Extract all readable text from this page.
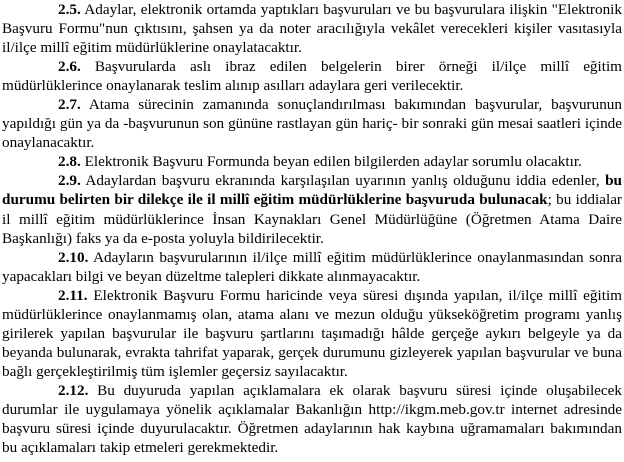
2.5. Adaylar, elektronik ortamda yaptıkları başvuruları ve bu başvurulara ilişkin "Elektronik Başvuru Formu"nun çıktısını, şahsen ya da noter aracılığıyla vekâlet verecekleri kişiler vasıtasıyla il/ilçe millî eğitim müdürlüklerine onaylatacaktır.

2.6. Başvurularda aslı ibraz edilen belgelerin birer örneği il/ilçe millî eğitim müdürlüklerince onaylanarak teslim alınıp asılları adaylara geri verilecektir.

2.7. Atama sürecinin zamanında sonuçlandırılması bakımından başvurular, başvurunun yapıldığı gün ya da -başvurunun son gününe rastlayan gün hariç- bir sonraki gün mesai saatleri içinde onaylanacaktır.

2.8. Elektronik Başvuru Formunda beyan edilen bilgilerden adaylar sorumlu olacaktır.

2.9. Adaylardan başvuru ekranında karşılaşılan uyarının yanlış olduğunu iddia edenler, bu durumu belirten bir dilekçe ile il millî eğitim müdürlüklerine başvuruda bulunacak; bu iddialar il millî eğitim müdürlüklerince İnsan Kaynakları Genel Müdürlüğüne (Öğretmen Atama Daire Başkanlığı) faks ya da e-posta yoluyla bildirilecektir.

2.10. Adayların başvurularının il/ilçe millî eğitim müdürlüklerince onaylanmasından sonra yapacakları bilgi ve beyan düzeltme talepleri dikkate alınmayacaktır.

2.11. Elektronik Başvuru Formu haricinde veya süresi dışında yapılan, il/ilçe millî eğitim müdürlüklerince onaylanmamış olan, atama alanı ve mezun olduğu yükseköğretim programı yanlış girilerek yapılan başvurular ile başvuru şartlarını taşımadığı hâlde gerçeğe aykırı belgeyle ya da beyanda bulunarak, evrakta tahrifat yaparak, gerçek durumunu gizleyerek yapılan başvurular ve buna bağlı gerçekleştirilmiş tüm işlemler geçersiz sayılacaktır.

2.12. Bu duyuruda yapılan açıklamalara ek olarak başvuru süresi içinde oluşabilecek durumlar ile uygulamaya yönelik açıklamalar Bakanlığın http://ikgm.meb.gov.tr internet adresinde başvuru süresi içinde duyurulacaktır. Öğretmen adaylarının hak kaybına uğramamaları bakımından bu açıklamaları takip etmeleri gerekmektedir.
